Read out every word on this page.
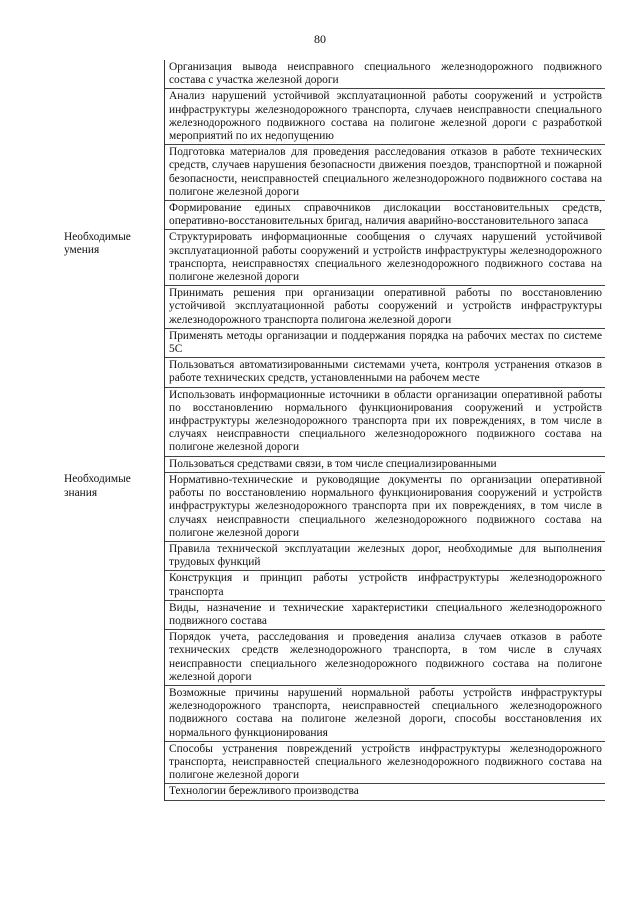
80
	Организация вывода неисправного специального железнодорожного подвижного состава с участка железной дороги
	Анализ нарушений устойчивой эксплуатационной работы сооружений и устройств инфраструктуры железнодорожного транспорта, случаев неисправности специального железнодорожного подвижного состава на полигоне железной дороги с разработкой мероприятий по их недопущению
	Подготовка материалов для проведения расследования отказов в работе технических средств, случаев нарушения безопасности движения поездов, транспортной и пожарной безопасности, неисправностей специального железнодорожного подвижного состава на полигоне железной дороги
	Формирование единых справочников дислокации восстановительных средств, оперативно-восстановительных бригад, наличия аварийно-восстановительного запаса
Необходимые умения	Структурировать информационные сообщения о случаях нарушений устойчивой эксплуатационной работы сооружений и устройств инфраструктуры железнодорожного транспорта, неисправностях специального железнодорожного подвижного состава на полигоне железной дороги
	Принимать решения при организации оперативной работы по восстановлению устойчивой эксплуатационной работы сооружений и устройств инфраструктуры железнодорожного транспорта полигона железной дороги
	Применять методы организации и поддержания порядка на рабочих местах по системе 5С
	Пользоваться автоматизированными системами учета, контроля устранения отказов в работе технических средств, установленными на рабочем месте
	Использовать информационные источники в области организации оперативной работы по восстановлению нормального функционирования сооружений и устройств инфраструктуры железнодорожного транспорта при их повреждениях, в том числе в случаях неисправности специального железнодорожного подвижного состава на полигоне железной дороги
	Пользоваться средствами связи, в том числе специализированными
Необходимые знания	Нормативно-технические и руководящие документы по организации оперативной работы по восстановлению нормального функционирования сооружений и устройств инфраструктуры железнодорожного транспорта при их повреждениях, в том числе в случаях неисправности специального железнодорожного подвижного состава на полигоне железной дороги
	Правила технической эксплуатации железных дорог, необходимые для выполнения трудовых функций
	Конструкция и принцип работы устройств инфраструктуры железнодорожного транспорта
	Виды, назначение и технические характеристики специального железнодорожного подвижного состава
	Порядок учета, расследования и проведения анализа случаев отказов в работе технических средств железнодорожного транспорта, в том числе в случаях неисправности специального железнодорожного подвижного состава на полигоне железной дороги
	Возможные причины нарушений нормальной работы устройств инфраструктуры железнодорожного транспорта, неисправностей специального железнодорожного подвижного состава на полигоне железной дороги, способы восстановления их нормального функционирования
	Способы устранения повреждений устройств инфраструктуры железнодорожного транспорта, неисправностей специального железнодорожного подвижного состава на полигоне железной дороги
	Технологии бережливого производства
